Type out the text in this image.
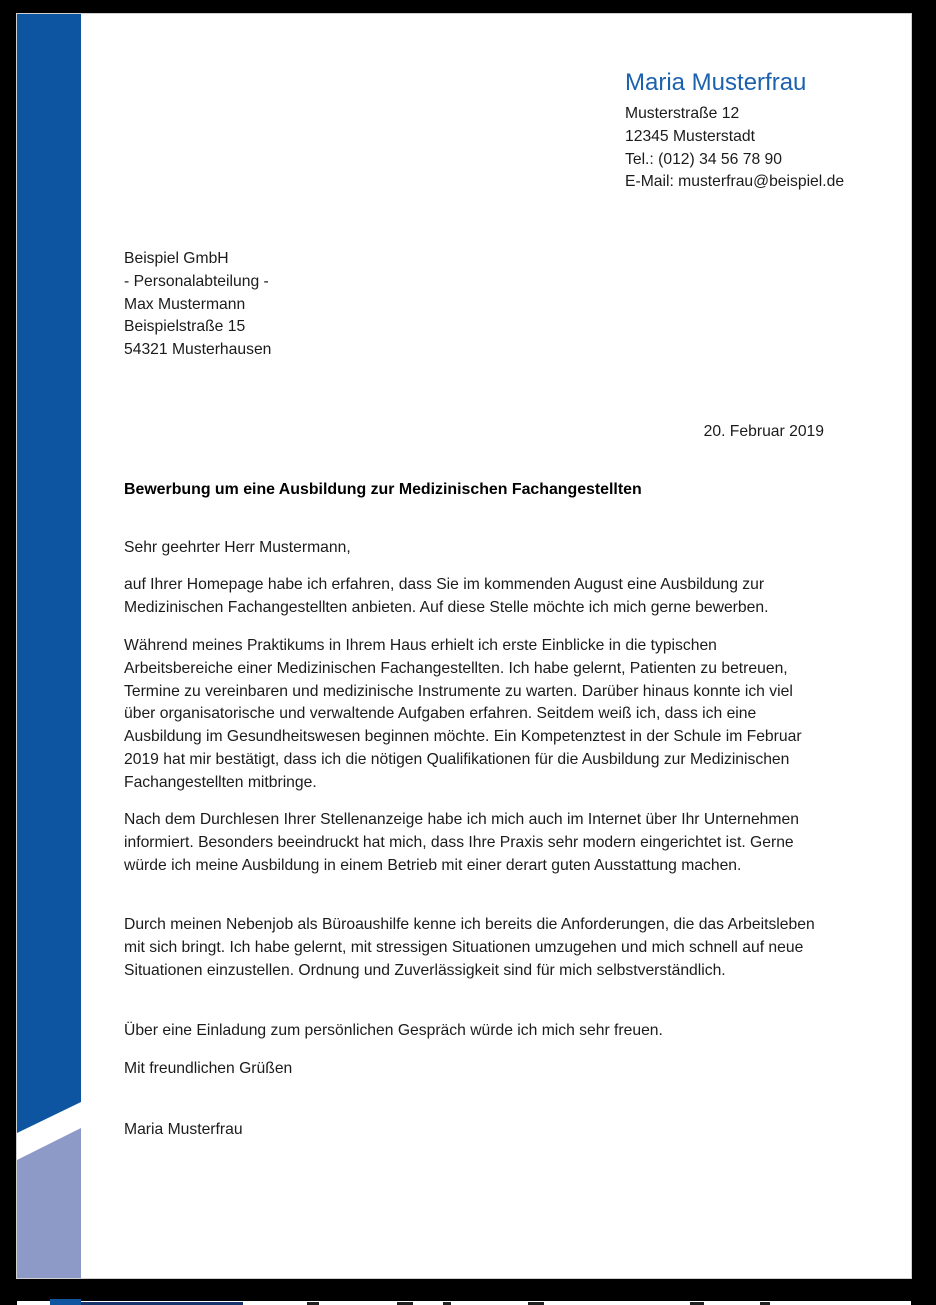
Maria Musterfrau
Musterstraße 12
12345 Musterstadt
Tel.: (012) 34 56 78 90
E-Mail: musterfrau@beispiel.de
Beispiel GmbH
- Personalabteilung -
Max Mustermann
Beispielstraße 15
54321 Musterhausen
20. Februar 2019
Bewerbung um eine Ausbildung zur Medizinischen Fachangestellten

Sehr geehrter Herr Mustermann,

auf Ihrer Homepage habe ich erfahren, dass Sie im kommenden August eine Ausbildung zur Medizinischen Fachangestellten anbieten. Auf diese Stelle möchte ich mich gerne bewerben.

Während meines Praktikums in Ihrem Haus erhielt ich erste Einblicke in die typischen Arbeitsbereiche einer Medizinischen Fachangestellten. Ich habe gelernt, Patienten zu betreuen, Termine zu vereinbaren und medizinische Instrumente zu warten. Darüber hinaus konnte ich viel über organisatorische und verwaltende Aufgaben erfahren. Seitdem weiß ich, dass ich eine Ausbildung im Gesundheitswesen beginnen möchte. Ein Kompetenztest in der Schule im Februar 2019 hat mir bestätigt, dass ich die nötigen Qualifikationen für die Ausbildung zur Medizinischen Fachangestellten mitbringe.

Nach dem Durchlesen Ihrer Stellenanzeige habe ich mich auch im Internet über Ihr Unternehmen informiert. Besonders beeindruckt hat mich, dass Ihre Praxis sehr modern eingerichtet ist. Gerne würde ich meine Ausbildung in einem Betrieb mit einer derart guten Ausstattung machen.

Durch meinen Nebenjob als Büroaushilfe kenne ich bereits die Anforderungen, die das Arbeitsleben mit sich bringt. Ich habe gelernt, mit stressigen Situationen umzugehen und mich schnell auf neue Situationen einzustellen. Ordnung und Zuverlässigkeit sind für mich selbstverständlich.

Über eine Einladung zum persönlichen Gespräch würde ich mich sehr freuen.

Mit freundlichen Grüßen

Maria Musterfrau
